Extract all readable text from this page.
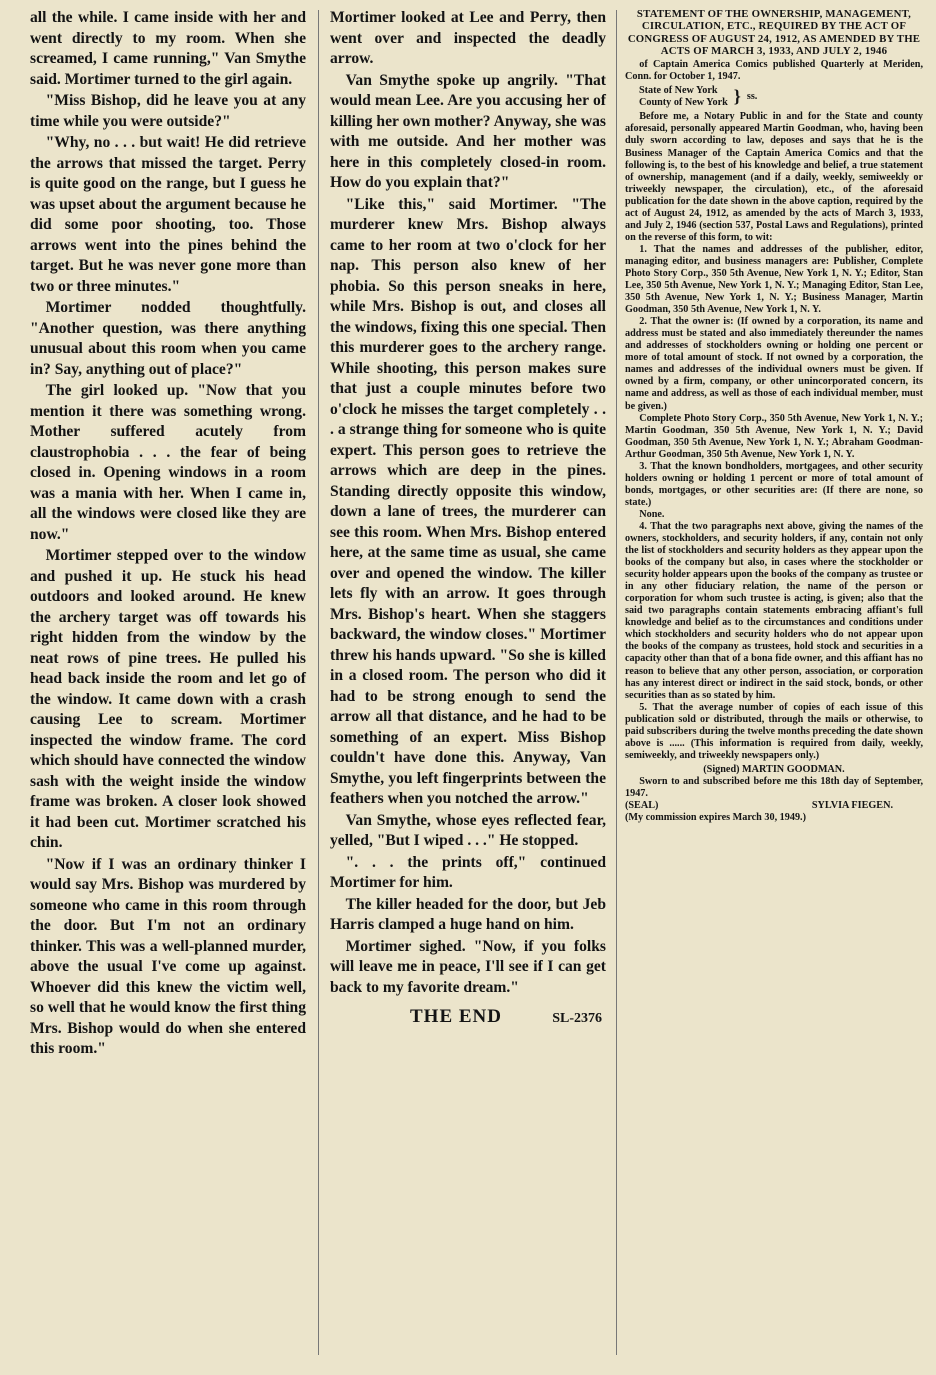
all the while. I came inside with her and went directly to my room. When she screamed, I came running," Van Smythe said. Mortimer turned to the girl again.

"Miss Bishop, did he leave you at any time while you were outside?"

"Why, no . . . but wait! He did retrieve the arrows that missed the target. Perry is quite good on the range, but I guess he was upset about the argument because he did some poor shooting, too. Those arrows went into the pines behind the target. But he was never gone more than two or three minutes."

Mortimer nodded thoughtfully. "Another question, was there anything unusual about this room when you came in? Say, anything out of place?"

The girl looked up. "Now that you mention it there was something wrong. Mother suffered acutely from claustrophobia . . . the fear of being closed in. Opening windows in a room was a mania with her. When I came in, all the windows were closed like they are now."

Mortimer stepped over to the window and pushed it up. He stuck his head outdoors and looked around. He knew the archery target was off towards his right hidden from the window by the neat rows of pine trees. He pulled his head back inside the room and let go of the window. It came down with a crash causing Lee to scream. Mortimer inspected the window frame. The cord which should have connected the window sash with the weight inside the window frame was broken. A closer look showed it had been cut. Mortimer scratched his chin.

"Now if I was an ordinary thinker I would say Mrs. Bishop was murdered by someone who came in this room through the door. But I'm not an ordinary thinker. This was a well-planned murder, above the usual I've come up against. Whoever did this knew the victim well, so well that he would know the first thing Mrs. Bishop would do when she entered this room."

Mortimer looked at Lee and Perry, then went over and inspected the deadly arrow.

Van Smythe spoke up angrily. "That would mean Lee. Are you accusing her of killing her own mother? Anyway, she was with me outside. And her mother was here in this completely closed-in room. How do you explain that?"

"Like this," said Mortimer. "The murderer knew Mrs. Bishop always came to her room at two o'clock for her nap. This person also knew of her phobia. So this person sneaks in here, while Mrs. Bishop is out, and closes all the windows, fixing this one special. Then this murderer goes to the archery range. While shooting, this person makes sure that just a couple minutes before two o'clock he misses the target completely . . . a strange thing for someone who is quite expert. This person goes to retrieve the arrows which are deep in the pines. Standing directly opposite this window, down a lane of trees, the murderer can see this room. When Mrs. Bishop entered here, at the same time as usual, she came over and opened the window. The killer lets fly with an arrow. It goes through Mrs. Bishop's heart. When she staggers backward, the window closes." Mortimer threw his hands upward. "So she is killed in a closed room. The person who did it had to be strong enough to send the arrow all that distance, and he had to be something of an expert. Miss Bishop couldn't have done this. Anyway, Van Smythe, you left fingerprints between the feathers when you notched the arrow."

Van Smythe, whose eyes reflected fear, yelled, "But I wiped . . ." He stopped.

". . . the prints off," continued Mortimer for him.

The killer headed for the door, but Jeb Harris clamped a huge hand on him.

Mortimer sighed. "Now, if you folks will leave me in peace, I'll see if I can get back to my favorite dream."

THE END	SL-2376
STATEMENT OF THE OWNERSHIP, MANAGEMENT, CIRCULATION, ETC., REQUIRED BY THE ACT OF CONGRESS OF AUGUST 24, 1912, AS AMENDED BY THE ACTS OF MARCH 3, 1933, AND JULY 2, 1946

of Captain America Comics published Quarterly at Meriden, Conn. for October 1, 1947.

State of New York
County of New York } ss.

Before me, a Notary Public in and for the State and county aforesaid, personally appeared Martin Goodman, who, having been duly sworn according to law, deposes and says that he is the Business Manager of the Captain America Comics and that the following is, to the best of his knowledge and belief, a true statement of ownership, management (and if a daily, weekly, semiweekly or triweekly newspaper, the circulation), etc., of the aforesaid publication for the date shown in the above caption, required by the act of August 24, 1912, as amended by the acts of March 3, 1933, and July 2, 1946 (section 537, Postal Laws and Regulations), printed on the reverse of this form, to wit:

1. That the names and addresses of the publisher, editor, managing editor, and business managers are: Publisher, Complete Photo Story Corp., 350 5th Avenue, New York 1, N. Y.; Editor, Stan Lee, 350 5th Avenue, New York 1, N. Y.; Managing Editor, Stan Lee, 350 5th Avenue, New York 1, N. Y.; Business Manager, Martin Goodman, 350 5th Avenue, New York 1, N. Y.

2. That the owner is: (If owned by a corporation, its name and address must be stated and also immediately thereunder the names and addresses of stockholders owning or holding one percent or more of total amount of stock. If not owned by a corporation, the names and addresses of the individual owners must be given. If owned by a firm, company, or other unincorporated concern, its name and address, as well as those of each individual member, must be given.)

Complete Photo Story Corp., 350 5th Avenue, New York 1, N. Y.; Martin Goodman, 350 5th Avenue, New York 1, N. Y.; David Goodman, 350 5th Avenue, New York 1, N. Y.; Abraham Goodman-Arthur Goodman, 350 5th Avenue, New York 1, N. Y.

3. That the known bondholders, mortgagees, and other security holders owning or holding 1 percent or more of total amount of bonds, mortgages, or other securities are: (If there are none, so state.)

None.

4. That the two paragraphs next above, giving the names of the owners, stockholders, and security holders, if any, contain not only the list of stockholders and security holders as they appear upon the books of the company but also, in cases where the stockholder or security holder appears upon the books of the company as trustee or in any other fiduciary relation, the name of the person or corporation for whom such trustee is acting, is given; also that the said two paragraphs contain statements embracing affiant's full knowledge and belief as to the circumstances and conditions under which stockholders and security holders who do not appear upon the books of the company as trustees, hold stock and securities in a capacity other than that of a bona fide owner, and this affiant has no reason to believe that any other person, association, or corporation has any interest direct or indirect in the said stock, bonds, or other securities than as so stated by him.

5. That the average number of copies of each issue of this publication sold or distributed, through the mails or otherwise, to paid subscribers during the twelve months preceding the date shown above is ...... (This information is required from daily, weekly, semiweekly, and triweekly newspapers only.)

(Signed) MARTIN GOODMAN.

Sworn to and subscribed before me this 18th day of September, 1947.

(SEAL)	SYLVIA FIEGEN.

(My commission expires March 30, 1949.)
